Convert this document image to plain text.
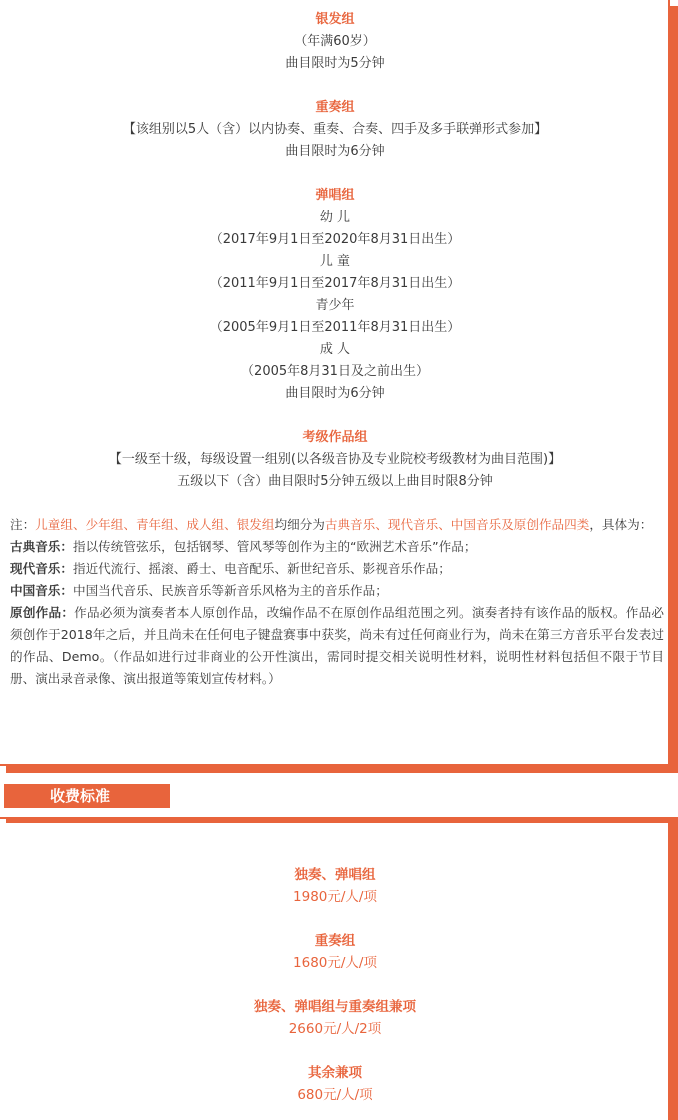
银发组
（年满60岁）
曲目限时为5分钟
重奏组
【该组别以5人（含）以内协奏、重奏、合奏、四手及多手联弹形式参加】
曲目限时为6分钟
弹唱组
幼 儿
（2017年9月1日至2020年8月31日出生）
儿 童
（2011年9月1日至2017年8月31日出生）
青少年
（2005年9月1日至2011年8月31日出生）
成 人
（2005年8月31日及之前出生）
曲目限时为6分钟
考级作品组
【一级至十级，每级设置一组别(以各级音协及专业院校考级教材为曲目范围)】
五级以下（含）曲目限时5分钟五级以上曲目时限8分钟

注：儿童组、少年组、青年组、成人组、银发组均细分为古典音乐、现代音乐、中国音乐及原创作品四类，具体为：

古典音乐：指以传统管弦乐，包括钢琴、管风琴等创作为主的“欧洲艺术音乐”作品；

现代音乐：指近代流行、摇滚、爵士、电音配乐、新世纪音乐、影视音乐作品；

中国音乐：中国当代音乐、民族音乐等新音乐风格为主的音乐作品；

原创作品：作品必须为演奏者本人原创作品，改编作品不在原创作品组范围之列。演奏者持有该作品的版权。作品必须创作于2018年之后，并且尚未在任何电子键盘赛事中获奖，尚未有过任何商业行为，尚未在第三方音乐平台发表过的作品、Demo。（作品如进行过非商业的公开性演出，需同时提交相关说明性材料，说明性材料包括但不限于节目册、演出录音录像、演出报道等策划宣传材料。）

收费标准
独奏、弹唱组
1980元/人/项
重奏组
1680元/人/项
独奏、弹唱组与重奏组兼项
2660元/人/2项
其余兼项
680元/人/项
